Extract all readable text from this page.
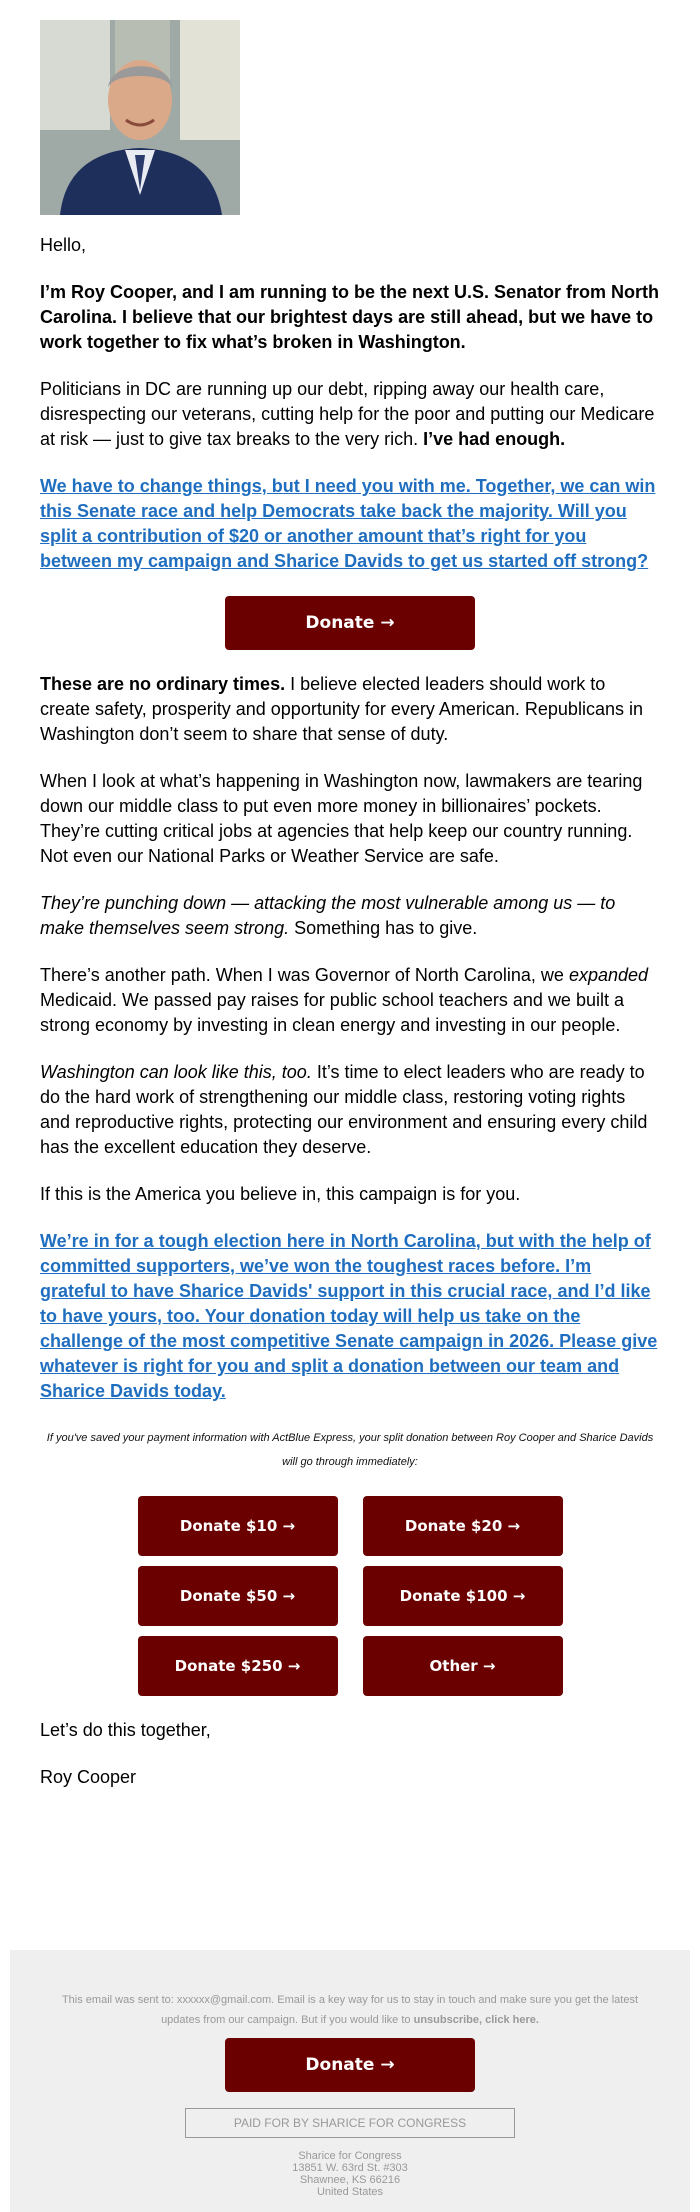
Hello,

I’m Roy Cooper, and I am running to be the next U.S. Senator from North Carolina. I believe that our brightest days are still ahead, but we have to work together to fix what’s broken in Washington.

Politicians in DC are running up our debt, ripping away our health care, disrespecting our veterans, cutting help for the poor and putting our Medicare at risk — just to give tax breaks to the very rich. I’ve had enough.

We have to change things, but I need you with me. Together, we can win this Senate race and help Democrats take back the majority. Will you split a contribution of $20 or another amount that’s right for you between my campaign and Sharice Davids to get us started off strong?
Donate →

These are no ordinary times. I believe elected leaders should work to create safety, prosperity and opportunity for every American. Republicans in Washington don’t seem to share that sense of duty.

When I look at what’s happening in Washington now, lawmakers are tearing down our middle class to put even more money in billionaires’ pockets. They’re cutting critical jobs at agencies that help keep our country running. Not even our National Parks or Weather Service are safe.

They’re punching down — attacking the most vulnerable among us — to make themselves seem strong. Something has to give.

There’s another path. When I was Governor of North Carolina, we expanded Medicaid. We passed pay raises for public school teachers and we built a strong economy by investing in clean energy and investing in our people.

Washington can look like this, too. It’s time to elect leaders who are ready to do the hard work of strengthening our middle class, restoring voting rights and reproductive rights, protecting our environment and ensuring every child has the excellent education they deserve.

If this is the America you believe in, this campaign is for you.

We’re in for a tough election here in North Carolina, but with the help of committed supporters, we’ve won the toughest races before. I’m grateful to have Sharice Davids' support in this crucial race, and I’d like to have yours, too. Your donation today will help us take on the challenge of the most competitive Senate campaign in 2026. Please give whatever is right for you and split a donation between our team and Sharice Davids today.

If you've saved your payment information with ActBlue Express, your split donation between Roy Cooper and Sharice Davids will go through immediately:

Donate $10 →	Donate $20 →
Donate $50 →	Donate $100 →
Donate $250 →	Other →

Let’s do this together,

Roy Cooper

This email was sent to: xxxxxx@gmail.com. Email is a key way for us to stay in touch and make sure you get the latest updates from our campaign. But if you would like to unsubscribe, click here.

Donate →
PAID FOR BY SHARICE FOR CONGRESS
Sharice for Congress
13851 W. 63rd St. #303
Shawnee, KS 66216
United States
